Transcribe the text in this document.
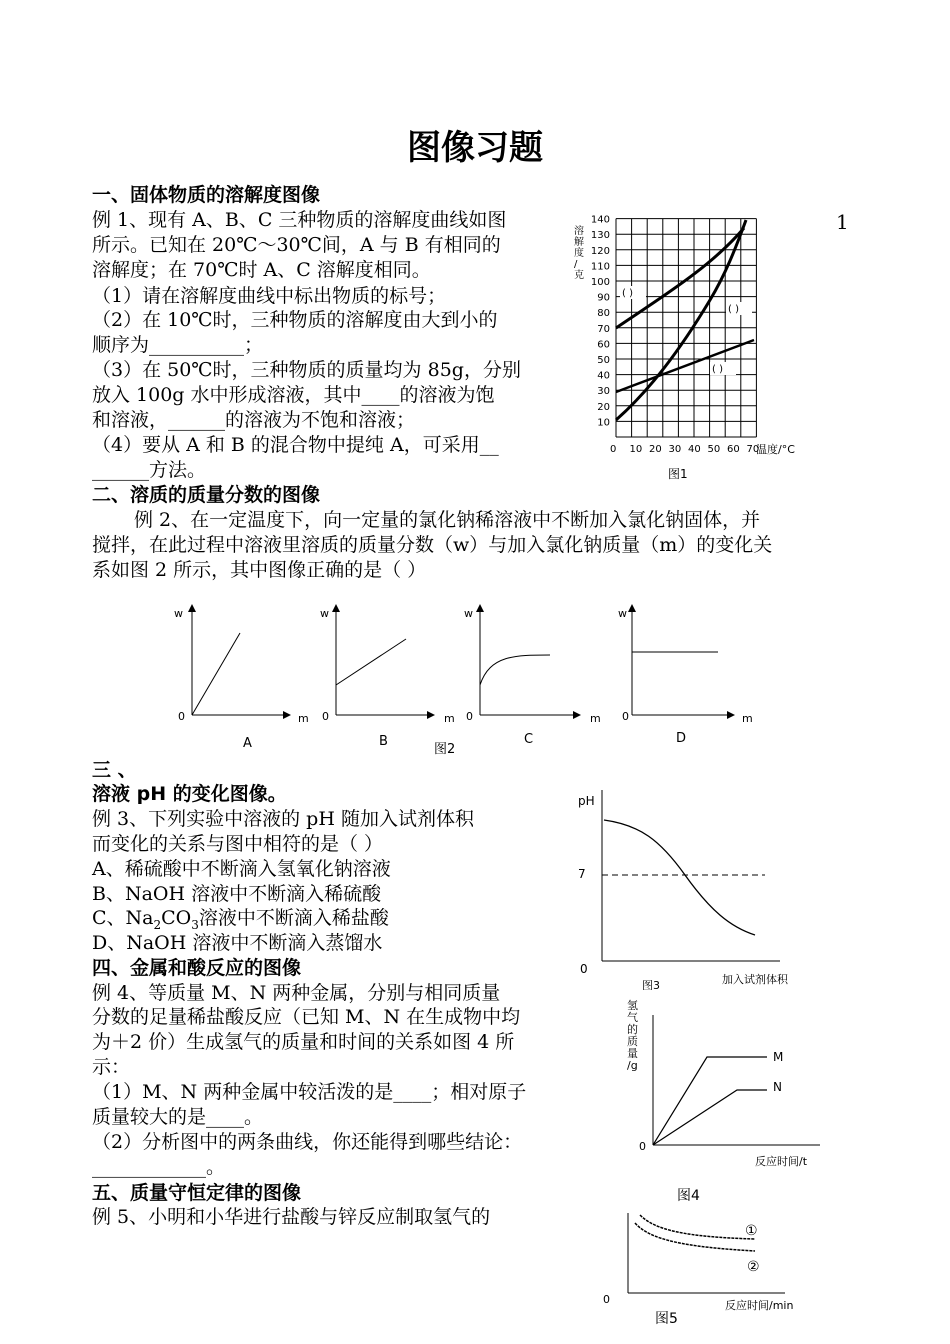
图像习题
1
一、固体物质的溶解度图像
例 1、现有 A、B、C 三种物质的溶解度曲线如图
所示。已知在 20℃～30℃间，A 与 B 有相同的
溶解度；在 70℃时 A、C 溶解度相同。
（1）请在溶解度曲线中标出物质的标号；
（2）在 10℃时，三种物质的溶解度由大到小的
顺序为__________；
（3）在 50℃时，三种物质的质量均为 85g，分别
放入 100g 水中形成溶液，其中____的溶液为饱
和溶液，______的溶液为不饱和溶液；
（4）要从 A 和 B 的混合物中提纯 A，可采用__
______方法。
溶
解
度
/
克
140
130
120
110
100
90
80
70
60
50
40
30
20
10
0 10 20 30 40 50 60 70
温度/°C
图1
( )
( )
( )
二、溶质的质量分数的图像
例 2、在一定温度下，向一定量的氯化钠稀溶液中不断加入氯化钠固体，并
搅拌，在此过程中溶液里溶质的质量分数（w）与加入氯化钠质量（m）的变化关
系如图 2 所示，其中图像正确的是（ ）
w
0	m
A
w
0	m
B
w
0	m
C
图2
w
0	m
D
三 、
溶液 pH 的变化图像。
例 3、下列实验中溶液的 pH 随加入试剂体积
而变化的关系与图中相符的是（ ）
A、稀硫酸中不断滴入氢氧化钠溶液
B、NaOH 溶液中不断滴入稀硫酸
C、$Na_2CO_3$溶液中不断滴入稀盐酸
D、NaOH 溶液中不断滴入蒸馏水
pH
7
0
图3	加入试剂体积
四、金属和酸反应的图像
例 4、等质量 M、N 两种金属，分别与相同质量
分数的足量稀盐酸反应（已知 M、N 在生成物中均
为＋2 价）生成氢气的质量和时间的关系如图 4 所
示：
（1）M、N 两种金属中较活泼的是____；相对原子
质量较大的是____。
（2）分析图中的两条曲线，你还能得到哪些结论：
____________。
氢
气
的
质
量
/g
M
N
0
反应时间/t
图4
五、质量守恒定律的图像
例 5、小明和小华进行盐酸与锌反应制取氢气的
①
②
0	反应时间/min
图5
